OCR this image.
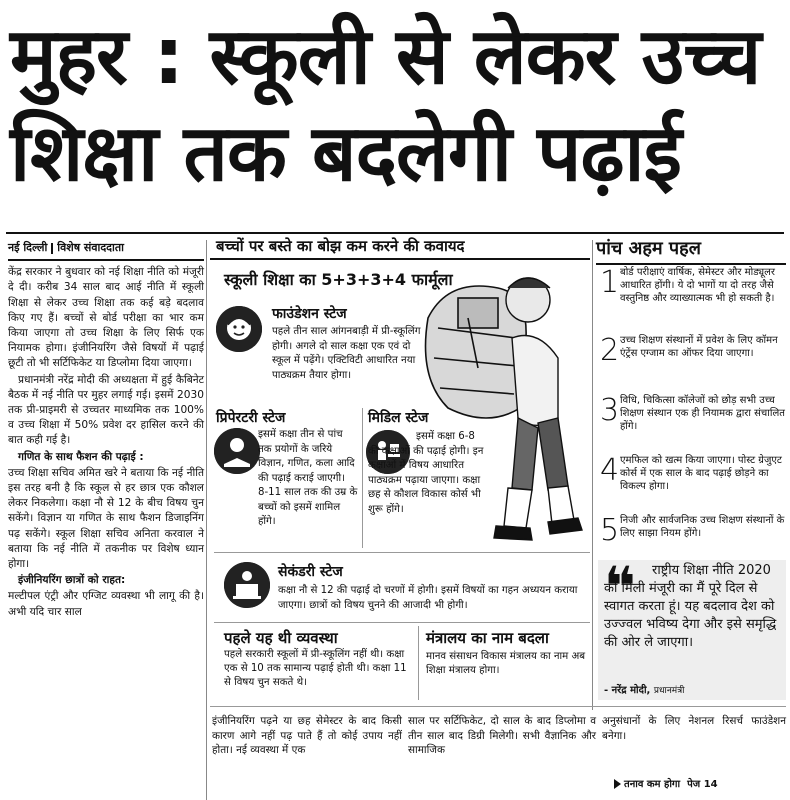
मुहर : स्कूली से लेकर उच्च
शिक्षा तक बदलेगी पढ़ाई
नई दिल्ली विशेष संवाददाता

केंद्र सरकार ने बुधवार को नई शिक्षा नीति को मंजूरी दे दी। करीब 34 साल बाद आई नीति में स्कूली शिक्षा से लेकर उच्च शिक्षा तक कई बड़े बदलाव किए गए हैं। बच्चों से बोर्ड परीक्षा का भार कम किया जाएगा तो उच्च शिक्षा के लिए सिर्फ एक नियामक होगा। इंजीनियरिंग जैसे विषयों में पढ़ाई छूटी तो भी सर्टिफिकेट या डिप्लोमा दिया जाएगा।

प्रधानमंत्री नरेंद्र मोदी की अध्यक्षता में हुई कैबिनेट बैठक में नई नीति पर मुहर लगाई गई। इसमें 2030 तक प्री-प्राइमरी से उच्चतर माध्यमिक तक 100% व उच्च शिक्षा में 50% प्रवेश दर हासिल करने की बात कही गई है।

गणित के साथ फैशन की पढ़ाई :

उच्च शिक्षा सचिव अमित खरे ने बताया कि नई नीति इस तरह बनी है कि स्कूल से हर छात्र एक कौशल लेकर निकलेगा। कक्षा नौ से 12 के बीच विषय चुन सकेंगे। विज्ञान या गणित के साथ फैशन डिजाइनिंग पढ़ सकेंगे। स्कूल शिक्षा सचिव अनिता करवाल ने बताया कि नई नीति में तकनीक पर विशेष ध्यान होगा।

इंजीनियरिंग छात्रों को राहत:

मल्टीपल एंट्री और एग्जिट व्यवस्था भी लागू की है। अभी यदि चार साल

बच्चों पर बस्ते का बोझ कम करने की कवायद
स्कूली शिक्षा का 5+3+3+4 फार्मूला
फाउंडेशन स्टेज
पहले तीन साल आंगनबाड़ी में प्री-स्कूलिंग होगी। अगले दो साल कक्षा एक एवं दो स्कूल में पढ़ेंगे। एक्टिविटी आधारित नया पाठ्यक्रम तैयार होगा।
प्रिपेरटरी स्टेज
इसमें कक्षा तीन से पांच तक प्रयोगों के जरिये विज्ञान, गणित, कला आदि की पढ़ाई कराई जाएगी। 8-11 साल तक की उम्र के बच्चों को इसमें शामिल होंगे।
मिडिल स्टेज
इसमें कक्षा 6-8 की कक्षाओं की पढ़ाई होगी। इन कक्षाओं में विषय आधारित पाठ्यक्रम पढ़ाया जाएगा। कक्षा छह से कौशल विकास कोर्स भी शुरू होंगे।
सेकंडरी स्टेज
कक्षा नौ से 12 की पढ़ाई दो चरणों में होगी। इसमें विषयों का गहन अध्ययन कराया जाएगा। छात्रों को विषय चुनने की आजादी भी होगी।
पहले यह थी व्यवस्था
पहले सरकारी स्कूलों में प्री-स्कूलिंग नहीं थी। कक्षा एक से 10 तक सामान्य पढ़ाई होती थी। कक्षा 11 से विषय चुन सकते थे।
मंत्रालय का नाम बदला
मानव संसाधन विकास मंत्रालय का नाम अब शिक्षा मंत्रालय होगा।
पांच अहम पहल
1 बोर्ड परीक्षाएं वार्षिक, सेमेस्टर और मोड्यूलर आधारित होंगी। ये दो भागों या दो तरह जैसे वस्तुनिष्ठ और व्याख्यात्मक भी हो सकती है।
2 उच्च शिक्षण संस्थानों में प्रवेश के लिए कॉमन एंट्रेंस एग्जाम का ऑफर दिया जाएगा।
3 विधि, चिकित्सा कॉलेजों को छोड़ सभी उच्च शिक्षण संस्थान एक ही नियामक द्वारा संचालित होंगे।
4 एमफिल को खत्म किया जाएगा। पोस्ट ग्रेजुएट कोर्स में एक साल के बाद पढ़ाई छोड़ने का विकल्प होगा।
5 निजी और सार्वजनिक उच्च शिक्षण संस्थानों के लिए साझा नियम होंगे।
❝	राष्ट्रीय शिक्षा नीति 2020 को मिली मंजूरी का मैं पूरे दिल से स्वागत करता हूं। यह बदलाव देश को उज्ज्वल भविष्य देगा और इसे समृद्धि की ओर ले जाएगा।
- नरेंद्र मोदी, प्रधानमंत्री
इंजीनियरिंग पढ़ने या छह सेमेस्टर के बाद किसी कारण आगे नहीं पढ़ पाते हैं तो कोई उपाय नहीं होता। नई व्यवस्था में एक
साल पर सर्टिफिकेट, दो साल के बाद डिप्लोमा व तीन साल बाद डिग्री मिलेगी। सभी वैज्ञानिक और सामाजिक
अनुसंधानों के लिए नेशनल रिसर्च फाउंडेशन बनेगा।
तनाव कम होगा पेज 14
